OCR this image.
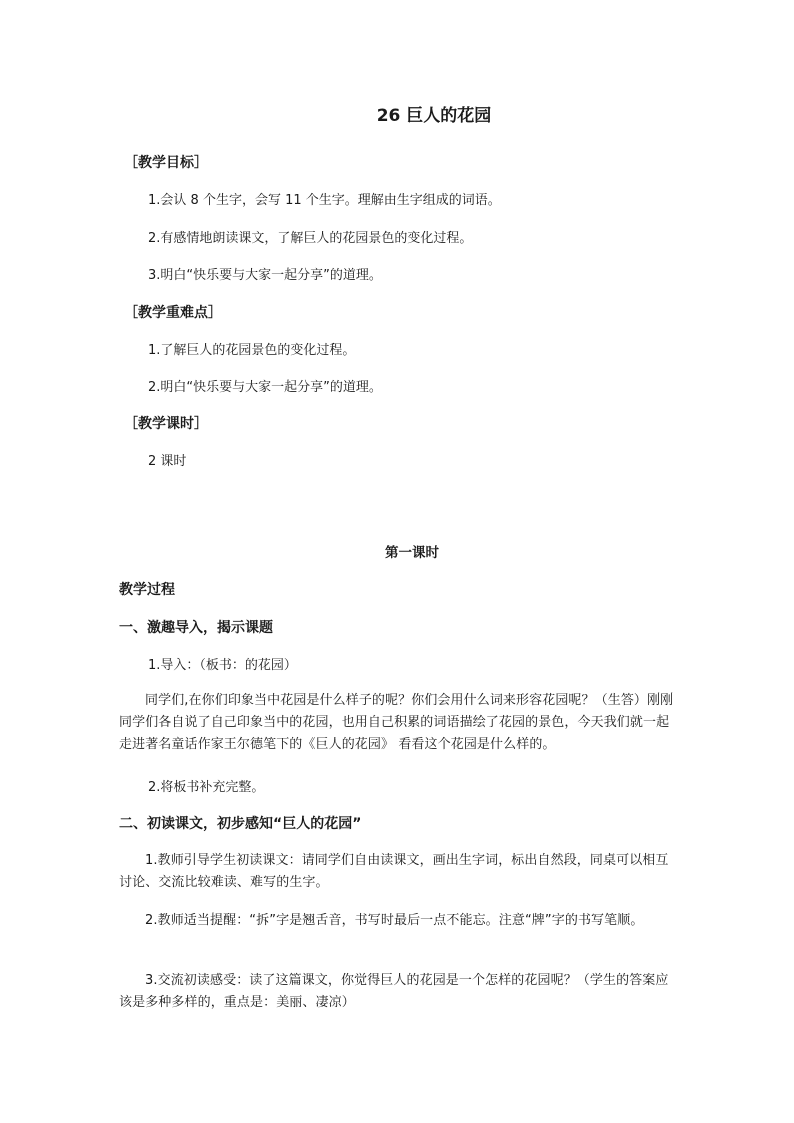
26 巨人的花园
［教学目标］
1.会认 8 个生字，会写 11 个生字。理解由生字组成的词语。
2.有感情地朗读课文，了解巨人的花园景色的变化过程。
3.明白“快乐要与大家一起分享”的道理。
［教学重难点］
1.了解巨人的花园景色的变化过程。
2.明白“快乐要与大家一起分享”的道理。
［教学课时］
2 课时
第一课时
教学过程
一、激趣导入，揭示课题
1.导入：（板书：的花园）
同学们,在你们印象当中花园是什么样子的呢？你们会用什么词来形容花园呢？（生答）刚刚同学们各自说了自己印象当中的花园，也用自己积累的词语描绘了花园的景色，今天我们就一起走进著名童话作家王尔德笔下的《巨人的花园》 看看这个花园是什么样的。
2.将板书补充完整。
二、初读课文，初步感知“巨人的花园”
1.教师引导学生初读课文：请同学们自由读课文，画出生字词，标出自然段，同桌可以相互讨论、交流比较难读、难写的生字。
2.教师适当提醒：“拆”字是翘舌音，书写时最后一点不能忘。注意“牌”字的书写笔顺。
3.交流初读感受：读了这篇课文，你觉得巨人的花园是一个怎样的花园呢？（学生的答案应该是多种多样的，重点是：美丽、凄凉）
